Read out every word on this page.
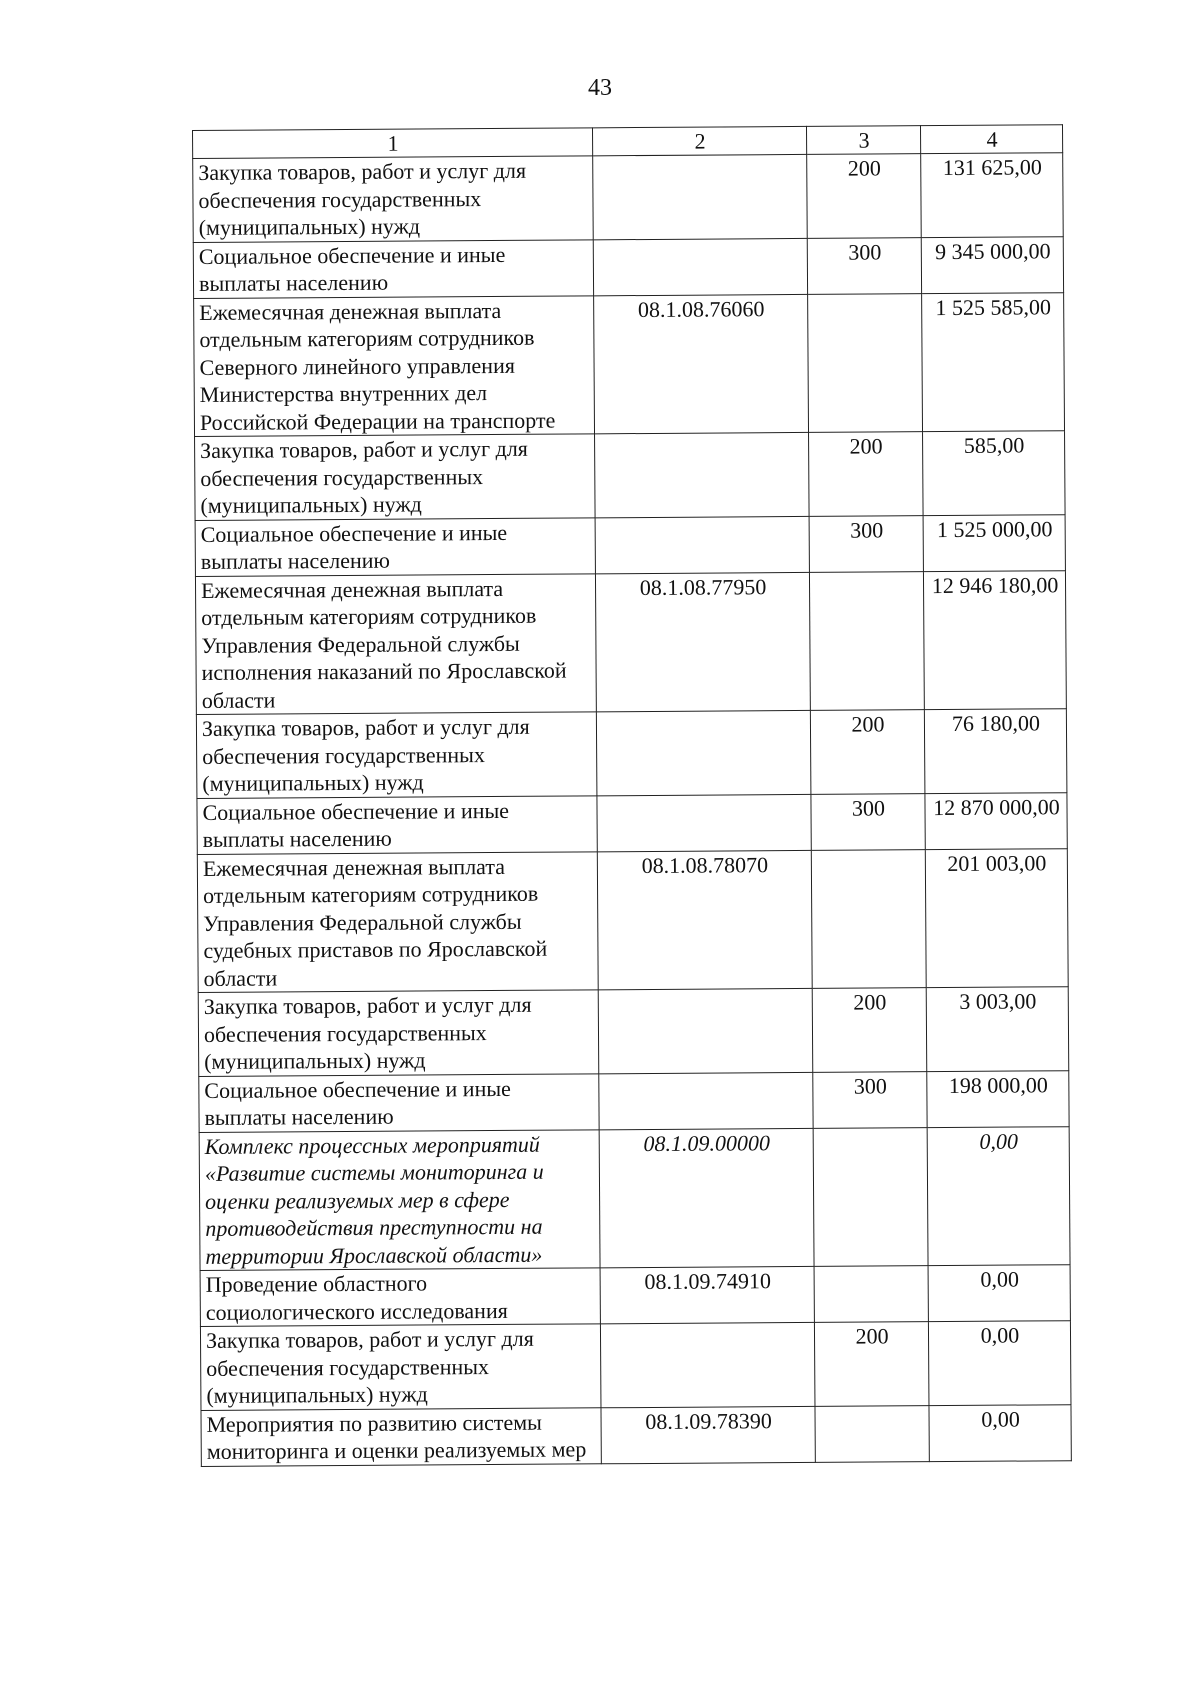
43
1	2	3	4
Закупка товаров, работ и услуг для обеспечения государственных (муниципальных) нужд		200	131 625,00
Социальное обеспечение и иные выплаты населению		300	9 345 000,00
Ежемесячная денежная выплата отдельным категориям сотрудников Северного линейного управления Министерства внутренних дел Российской Федерации на транспорте	08.1.08.76060		1 525 585,00
Закупка товаров, работ и услуг для обеспечения государственных (муниципальных) нужд		200	585,00
Социальное обеспечение и иные выплаты населению		300	1 525 000,00
Ежемесячная денежная выплата отдельным категориям сотрудников Управления Федеральной службы исполнения наказаний по Ярославской области	08.1.08.77950		12 946 180,00
Закупка товаров, работ и услуг для обеспечения государственных (муниципальных) нужд		200	76 180,00
Социальное обеспечение и иные выплаты населению		300	12 870 000,00
Ежемесячная денежная выплата отдельным категориям сотрудников Управления Федеральной службы судебных приставов по Ярославской области	08.1.08.78070		201 003,00
Закупка товаров, работ и услуг для обеспечения государственных (муниципальных) нужд		200	3 003,00
Социальное обеспечение и иные выплаты населению		300	198 000,00
Комплекс процессных мероприятий «Развитие системы мониторинга и оценки реализуемых мер в сфере противодействия преступности на территории Ярославской области»	08.1.09.00000		0,00
Проведение областного социологического исследования	08.1.09.74910		0,00
Закупка товаров, работ и услуг для обеспечения государственных (муниципальных) нужд		200	0,00
Мероприятия по развитию системы мониторинга и оценки реализуемых мер	08.1.09.78390		0,00
